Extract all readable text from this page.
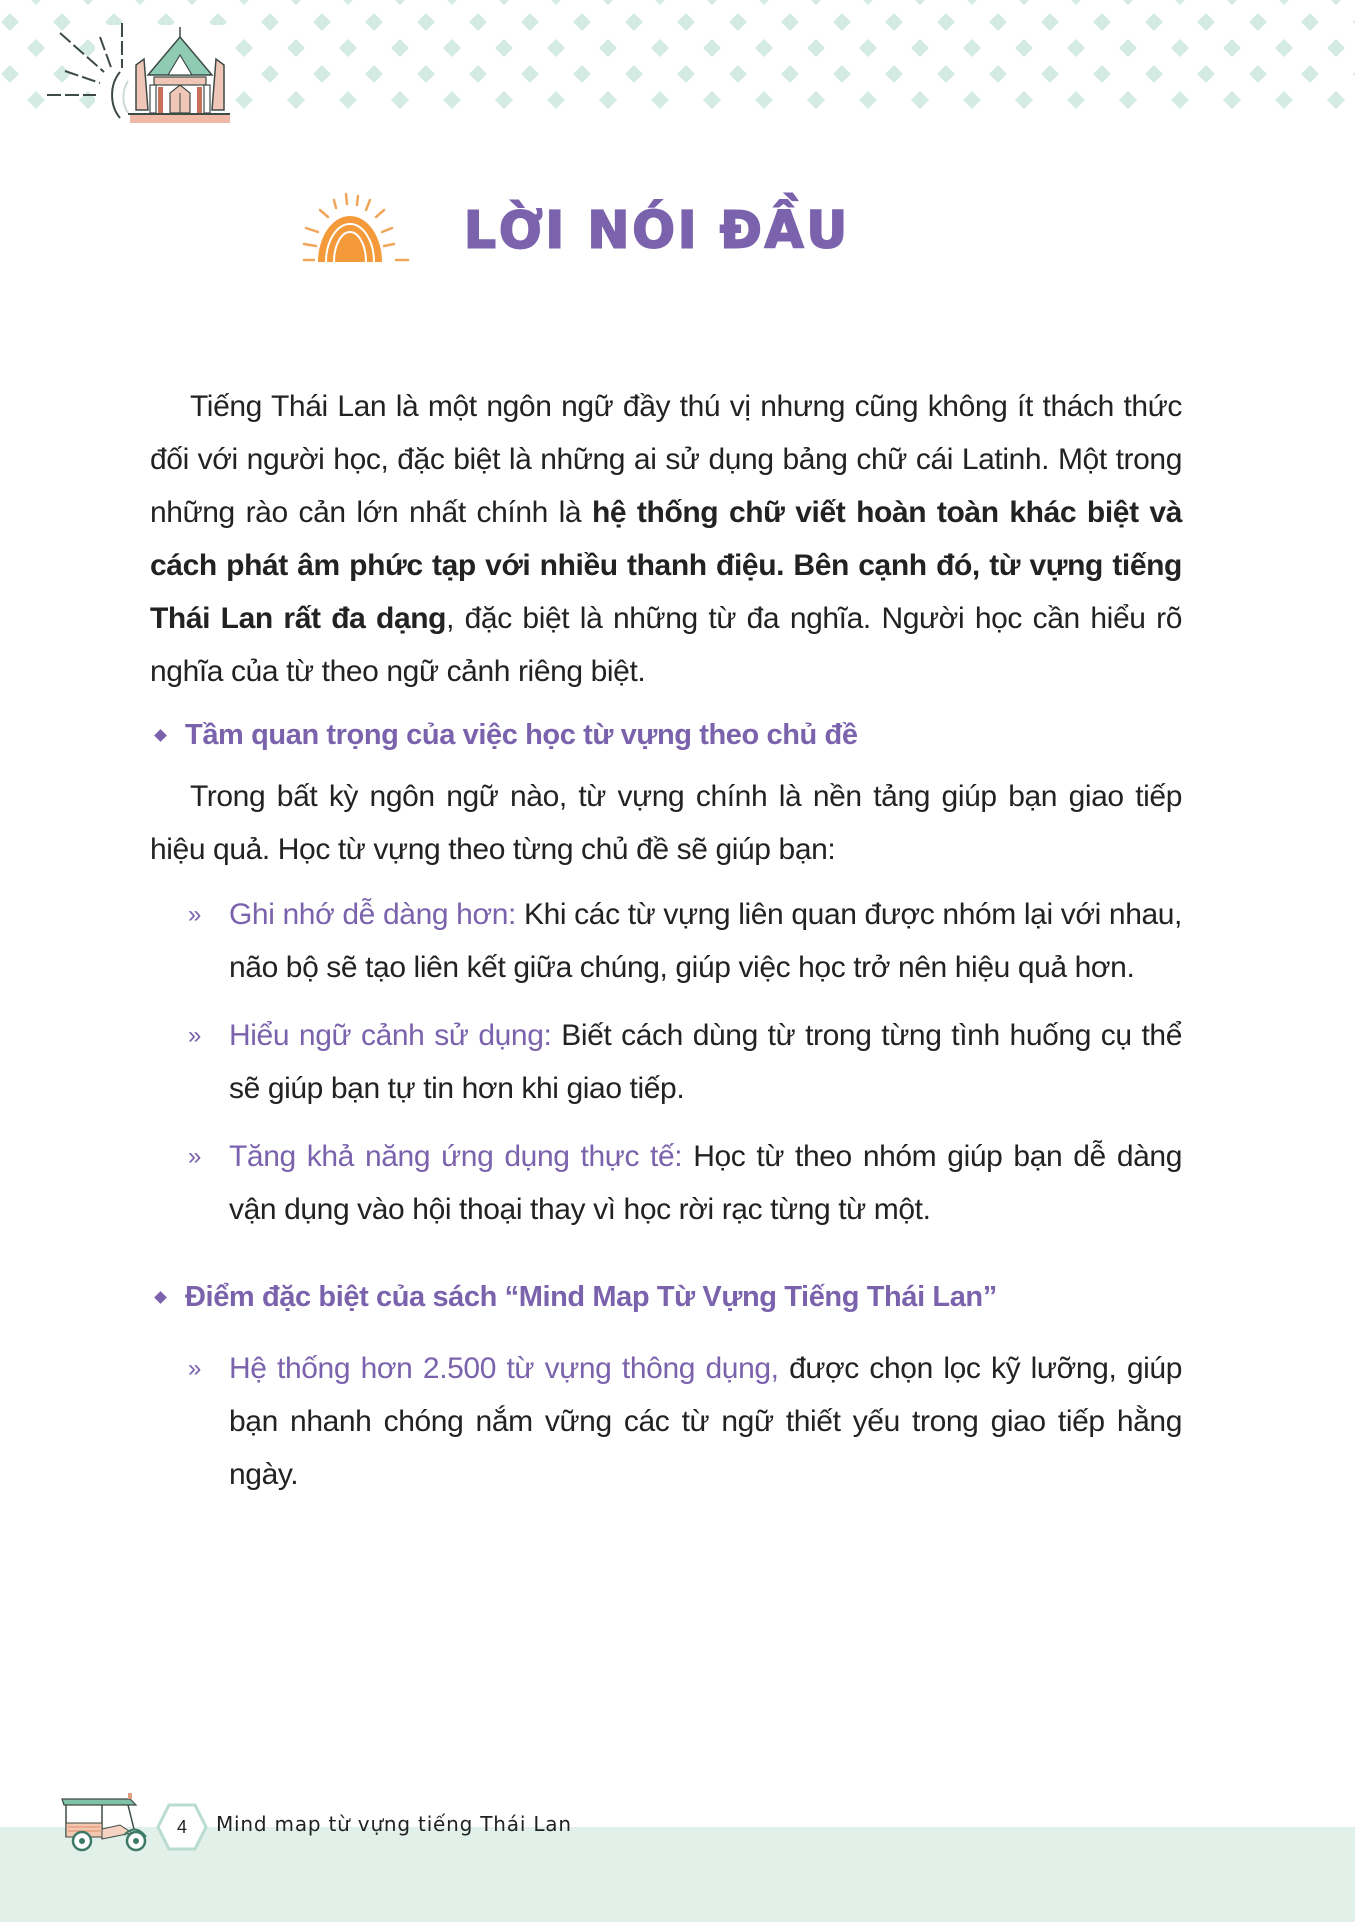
LỜI NÓI ĐẦU

Tiếng Thái Lan là một ngôn ngữ đầy thú vị nhưng cũng không ít thách thức đối với người học, đặc biệt là những ai sử dụng bảng chữ cái Latinh. Một trong những rào cản lớn nhất chính là hệ thống chữ viết hoàn toàn khác biệt và cách phát âm phức tạp với nhiều thanh điệu. Bên cạnh đó, từ vựng tiếng Thái Lan rất đa dạng, đặc biệt là những từ đa nghĩa. Người học cần hiểu rõ nghĩa của từ theo ngữ cảnh riêng biệt.

Tầm quan trọng của việc học từ vựng theo chủ đề

Trong bất kỳ ngôn ngữ nào, từ vựng chính là nền tảng giúp bạn giao tiếp hiệu quả. Học từ vựng theo từng chủ đề sẽ giúp bạn:

» Ghi nhớ dễ dàng hơn: Khi các từ vựng liên quan được nhóm lại với nhau, não bộ sẽ tạo liên kết giữa chúng, giúp việc học trở nên hiệu quả hơn.
» Hiểu ngữ cảnh sử dụng: Biết cách dùng từ trong từng tình huống cụ thể sẽ giúp bạn tự tin hơn khi giao tiếp.
» Tăng khả năng ứng dụng thực tế: Học từ theo nhóm giúp bạn dễ dàng vận dụng vào hội thoại thay vì học rời rạc từng từ một.
Điểm đặc biệt của sách “Mind Map Từ Vựng Tiếng Thái Lan”
» Hệ thống hơn 2.500 từ vựng thông dụng, được chọn lọc kỹ lưỡng, giúp bạn nhanh chóng nắm vững các từ ngữ thiết yếu trong giao tiếp hằng ngày.
4	Mind map từ vựng tiếng Thái Lan
